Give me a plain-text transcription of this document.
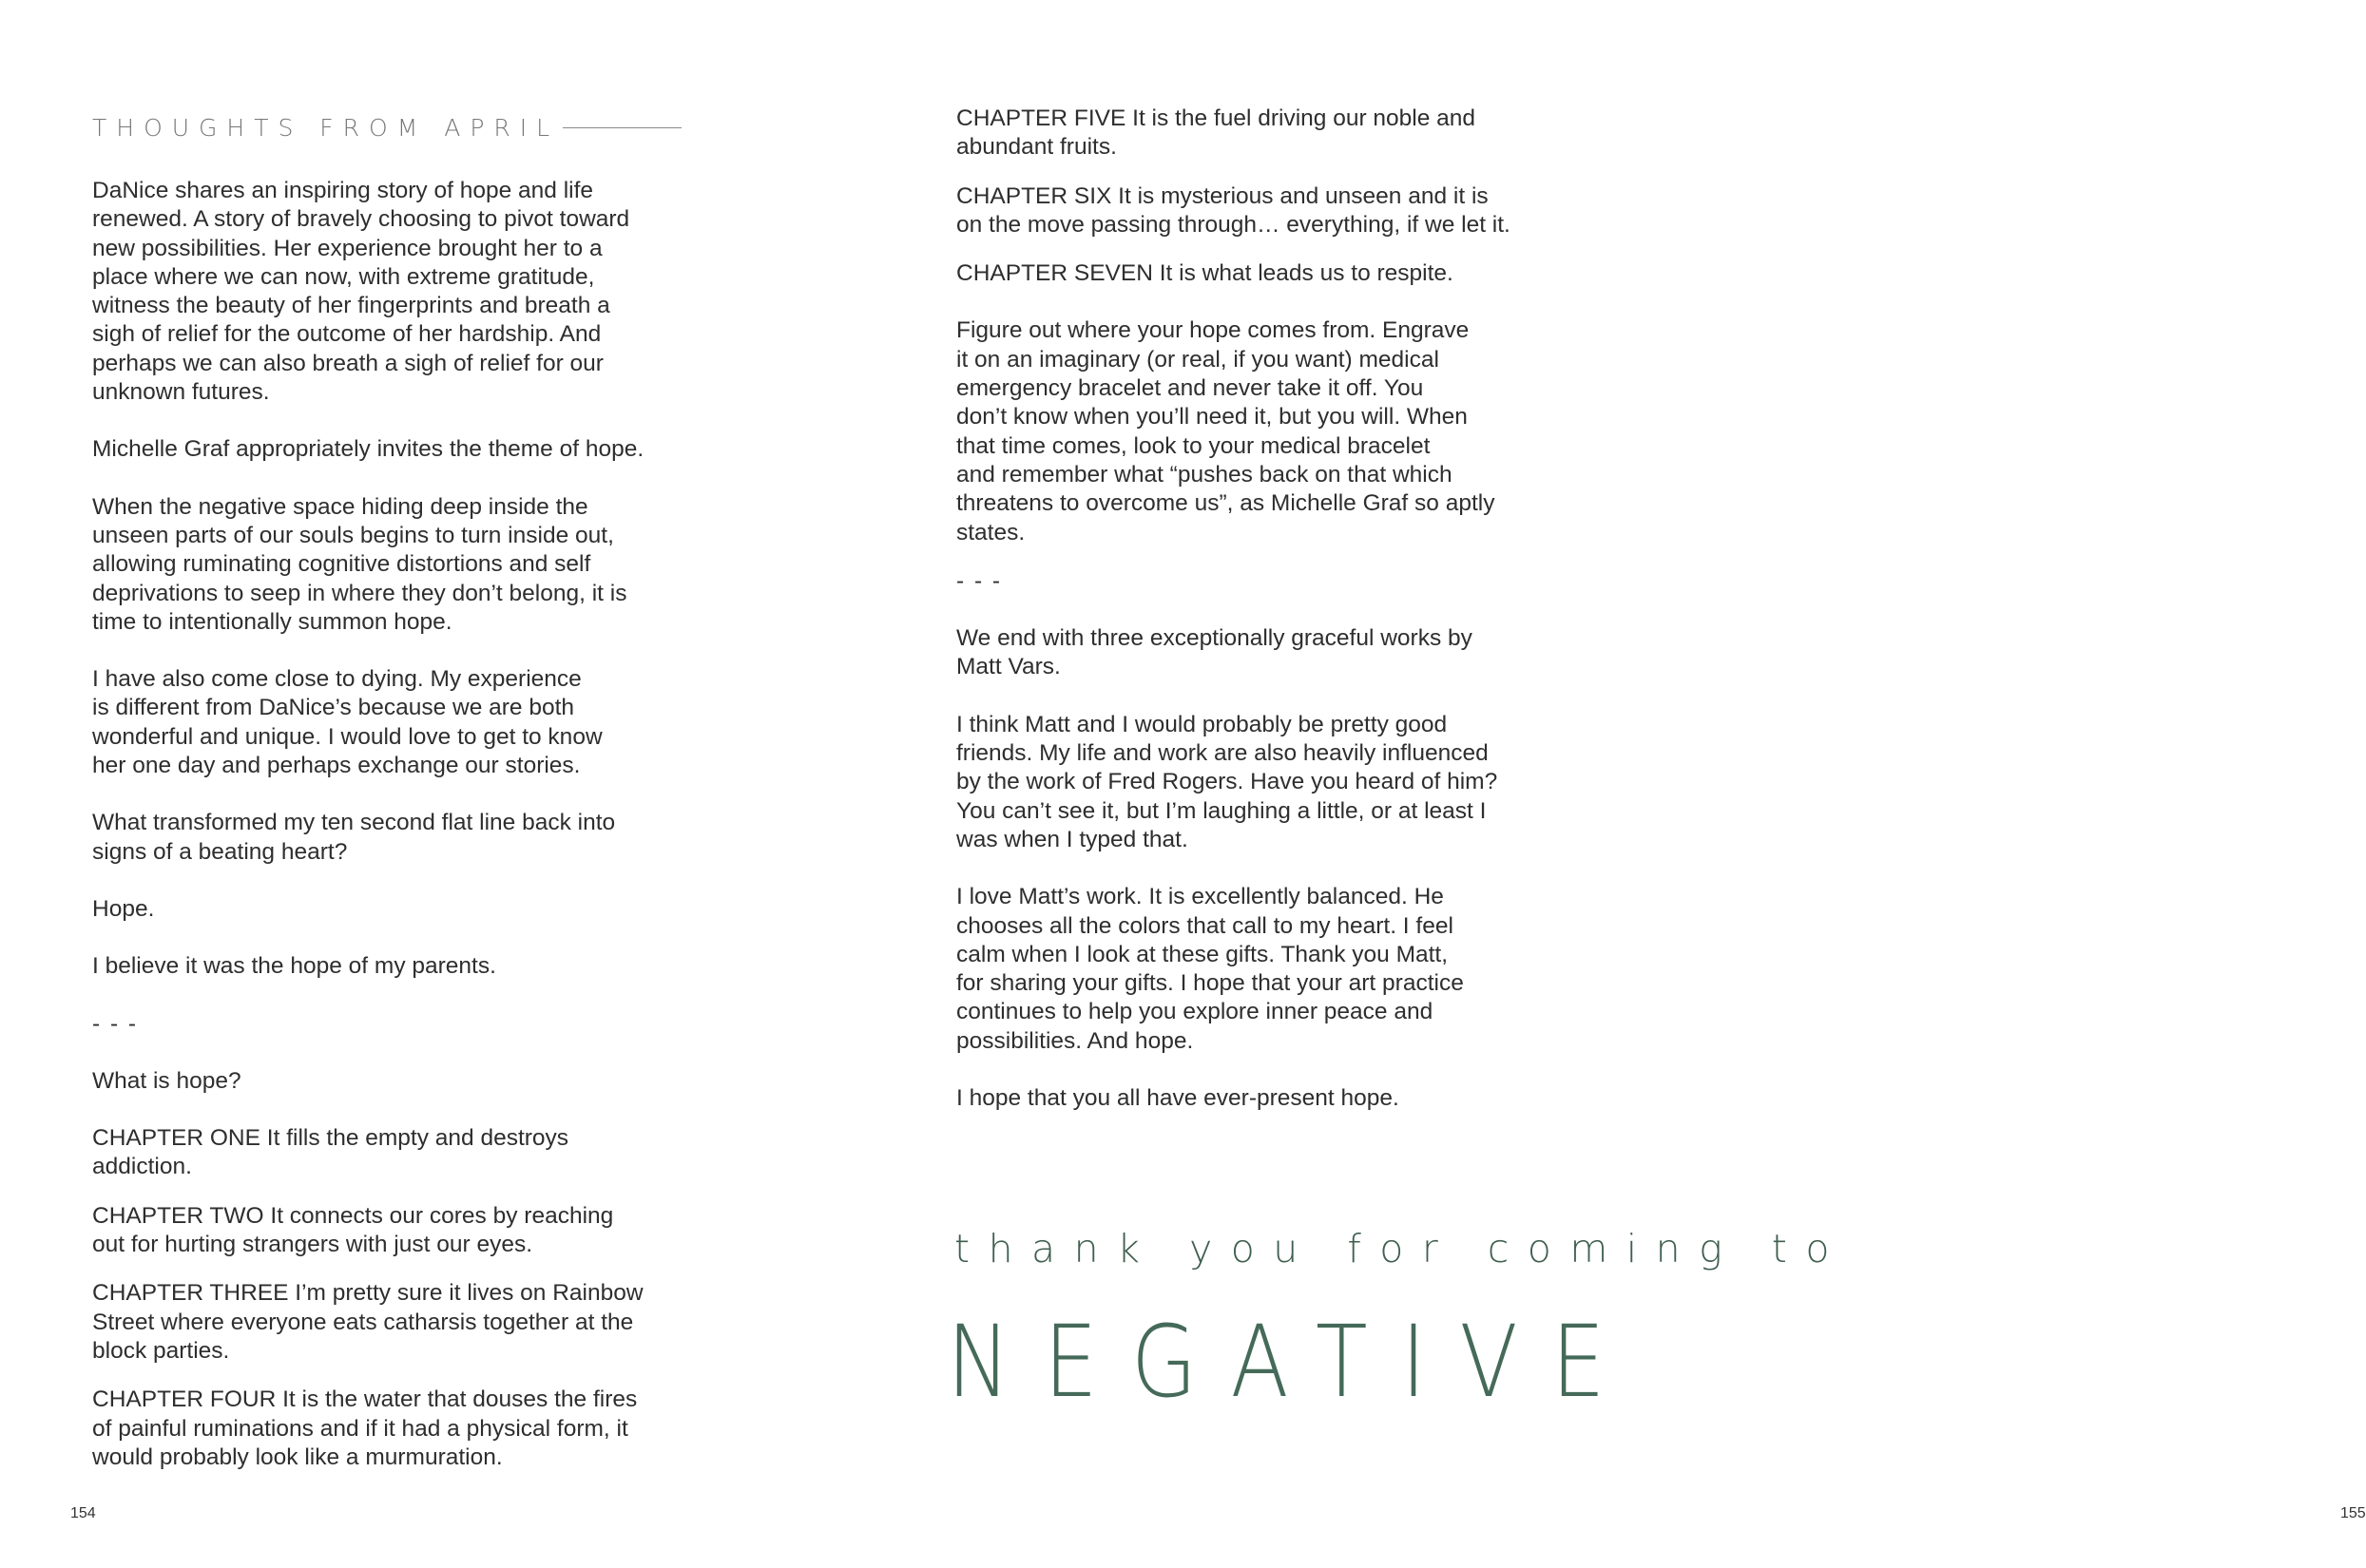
THOUGHTS FROM APRIL

DaNice shares an inspiring story of hope and life
renewed. A story of bravely choosing to pivot toward
new possibilities. Her experience brought her to a
place where we can now, with extreme gratitude,
witness the beauty of her fingerprints and breath a
sigh of relief for the outcome of her hardship. And
perhaps we can also breath a sigh of relief for our
unknown futures.

Michelle Graf appropriately invites the theme of hope.

When the negative space hiding deep inside the
unseen parts of our souls begins to turn inside out,
allowing ruminating cognitive distortions and self
deprivations to seep in where they don’t belong, it is
time to intentionally summon hope.

I have also come close to dying. My experience
is different from DaNice’s because we are both
wonderful and unique. I would love to get to know
her one day and perhaps exchange our stories.

What transformed my ten second flat line back into
signs of a beating heart?

Hope.

I believe it was the hope of my parents.

- - -

What is hope?

CHAPTER ONE It fills the empty and destroys
addiction.

CHAPTER TWO It connects our cores by reaching
out for hurting strangers with just our eyes.

CHAPTER THREE I’m pretty sure it lives on Rainbow
Street where everyone eats catharsis together at the
block parties.

CHAPTER FOUR It is the water that douses the fires
of painful ruminations and if it had a physical form, it
would probably look like a murmuration.

154	155

CHAPTER FIVE It is the fuel driving our noble and
abundant fruits.

CHAPTER SIX It is mysterious and unseen and it is
on the move passing through… everything, if we let it.

CHAPTER SEVEN It is what leads us to respite.

Figure out where your hope comes from. Engrave
it on an imaginary (or real, if you want) medical
emergency bracelet and never take it off. You
don’t know when you’ll need it, but you will. When
that time comes, look to your medical bracelet
and remember what “pushes back on that which
threatens to overcome us”, as Michelle Graf so aptly
states.

- - -

We end with three exceptionally graceful works by
Matt Vars.

I think Matt and I would probably be pretty good
friends. My life and work are also heavily influenced
by the work of Fred Rogers. Have you heard of him?
You can’t see it, but I’m laughing a little, or at least I
was when I typed that.

I love Matt’s work. It is excellently balanced. He
chooses all the colors that call to my heart. I feel
calm when I look at these gifts. Thank you Matt,
for sharing your gifts. I hope that your art practice
continues to help you explore inner peace and
possibilities. And hope.

I hope that you all have ever-present hope.

thank you for coming to
NEGATIVE
